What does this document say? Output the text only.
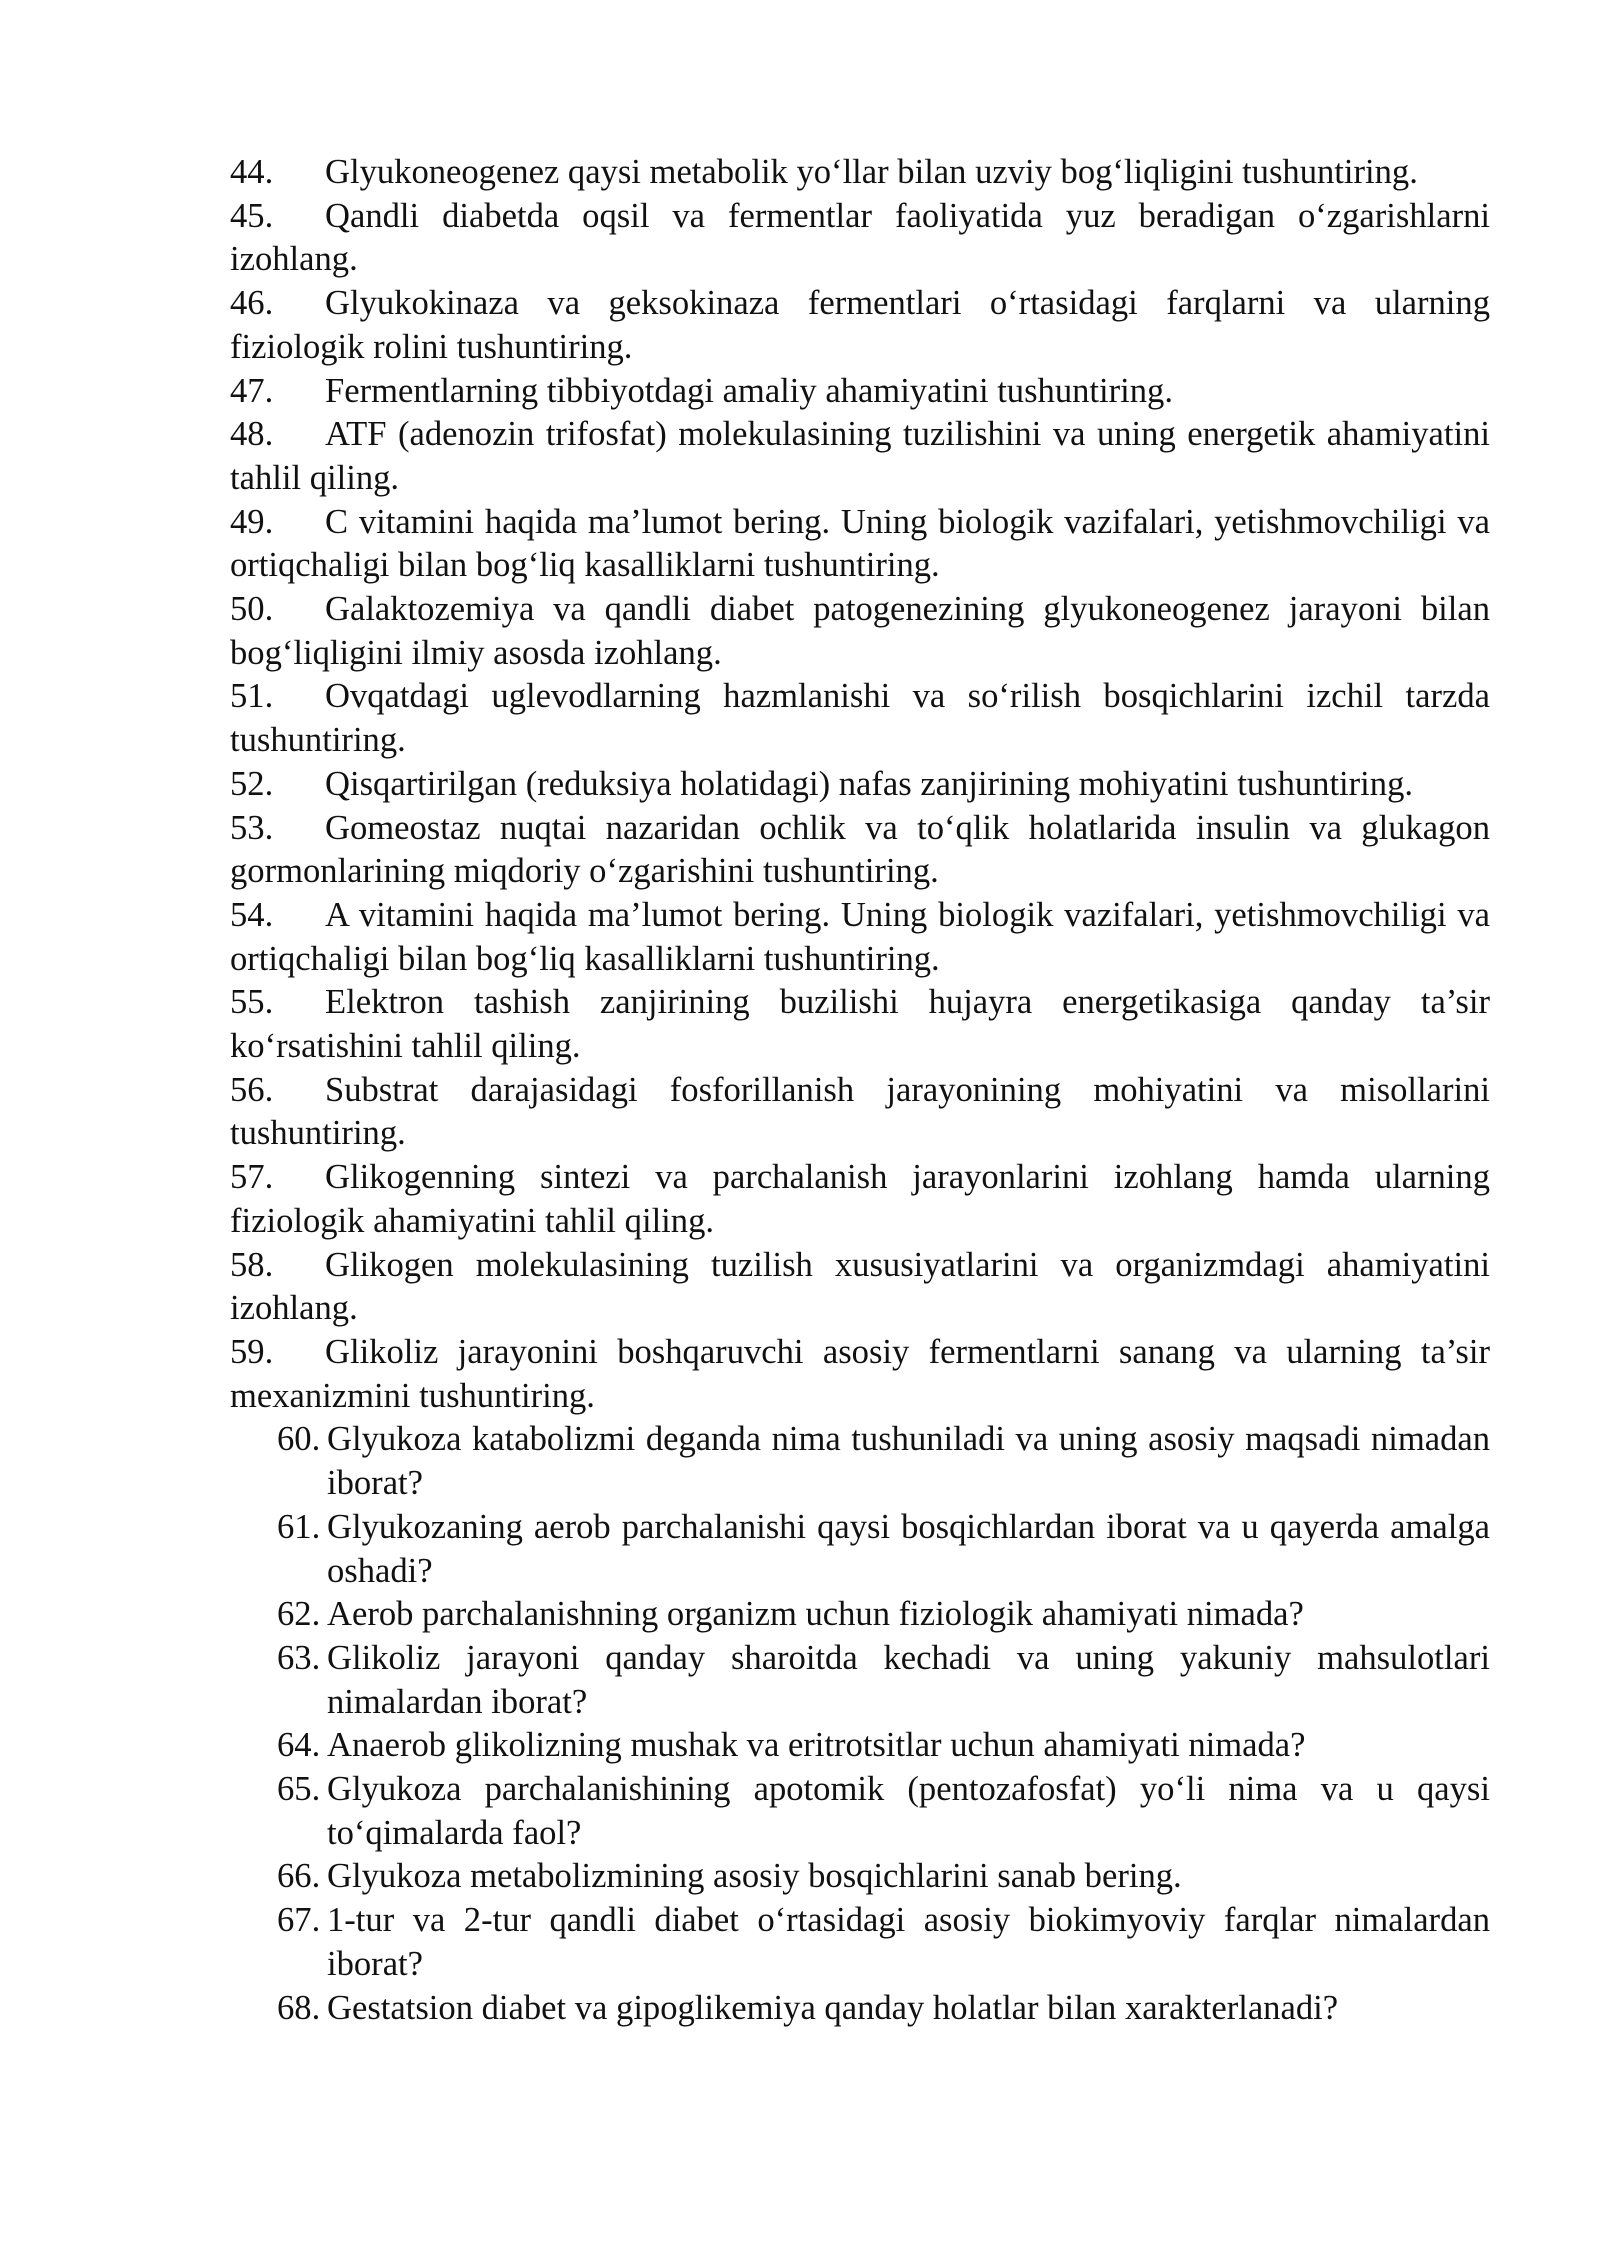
44. Glyukoneogenez qaysi metabolik yo‘llar bilan uzviy bog‘liqligini tushuntiring.

45. Qandli diabetda oqsil va fermentlar faoliyatida yuz beradigan o‘zgarishlarni izohlang.

46. Glyukokinaza va geksokinaza fermentlari o‘rtasidagi farqlarni va ularning fiziologik rolini tushuntiring.

47. Fermentlarning tibbiyotdagi amaliy ahamiyatini tushuntiring.

48. ATF (adenozin trifosfat) molekulasining tuzilishini va uning energetik ahamiyatini tahlil qiling.

49. C vitamini haqida ma’lumot bering. Uning biologik vazifalari, yetishmovchiligi va ortiqchaligi bilan bog‘liq kasalliklarni tushuntiring.

50. Galaktozemiya va qandli diabet patogenezining glyukoneogenez jarayoni bilan bog‘liqligini ilmiy asosda izohlang.

51. Ovqatdagi uglevodlarning hazmlanishi va so‘rilish bosqichlarini izchil tarzda tushuntiring.

52. Qisqartirilgan (reduksiya holatidagi) nafas zanjirining mohiyatini tushuntiring.

53. Gomeostaz nuqtai nazaridan ochlik va to‘qlik holatlarida insulin va glukagon gormonlarining miqdoriy o‘zgarishini tushuntiring.

54. A vitamini haqida ma’lumot bering. Uning biologik vazifalari, yetishmovchiligi va ortiqchaligi bilan bog‘liq kasalliklarni tushuntiring.

55. Elektron tashish zanjirining buzilishi hujayra energetikasiga qanday ta’sir ko‘rsatishini tahlil qiling.

56. Substrat darajasidagi fosforillanish jarayonining mohiyatini va misollarini tushuntiring.

57. Glikogenning sintezi va parchalanish jarayonlarini izohlang hamda ularning fiziologik ahamiyatini tahlil qiling.

58. Glikogen molekulasining tuzilish xususiyatlarini va organizmdagi ahamiyatini izohlang.

59. Glikoliz jarayonini boshqaruvchi asosiy fermentlarni sanang va ularning ta’sir mexanizmini tushuntiring.

60. Glyukoza katabolizmi deganda nima tushuniladi va uning asosiy maqsadi nimadan iborat?

61. Glyukozaning aerob parchalanishi qaysi bosqichlardan iborat va u qayerda amalga oshadi?

62. Aerob parchalanishning organizm uchun fiziologik ahamiyati nimada?

63. Glikoliz jarayoni qanday sharoitda kechadi va uning yakuniy mahsulotlari nimalardan iborat?

64. Anaerob glikolizning mushak va eritrotsitlar uchun ahamiyati nimada?

65. Glyukoza parchalanishining apotomik (pentozafosfat) yo‘li nima va u qaysi to‘qimalarda faol?

66. Glyukoza metabolizmining asosiy bosqichlarini sanab bering.

67. 1-tur va 2-tur qandli diabet o‘rtasidagi asosiy biokimyoviy farqlar nimalardan iborat?

68. Gestatsion diabet va gipoglikemiya qanday holatlar bilan xarakterlanadi?
